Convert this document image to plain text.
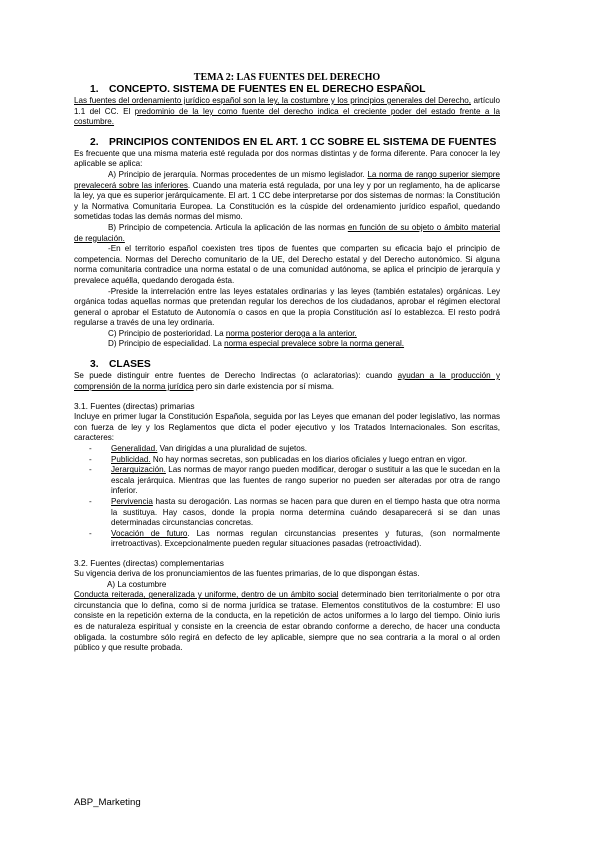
TEMA 2: LAS FUENTES DEL DERECHO

1. CONCEPTO. SISTEMA DE FUENTES EN EL DERECHO ESPAÑOL

Las fuentes del ordenamiento jurídico español son la ley, la costumbre y los principios generales del Derecho, artículo 1.1 del CC. El predominio de la ley como fuente del derecho indica el creciente poder del estado frente a la costumbre.

2. PRINCIPIOS CONTENIDOS EN EL ART. 1 CC SOBRE EL SISTEMA DE FUENTES

Es frecuente que una misma materia esté regulada por dos normas distintas y de forma diferente. Para conocer la ley aplicable se aplica:

A) Principio de jerarquía. Normas procedentes de un mismo legislador. La norma de rango superior siempre prevalecerá sobre las inferiores. Cuando una materia está regulada, por una ley y por un reglamento, ha de aplicarse la ley, ya que es superior jerárquicamente. El art. 1 CC debe interpretarse por dos sistemas de normas: la Constitución y la Normativa Comunitaria Europea. La Constitución es la cúspide del ordenamiento jurídico español, quedando sometidas todas las demás normas del mismo.

B) Principio de competencia. Articula la aplicación de las normas en función de su objeto o ámbito material de regulación.

-En el territorio español coexisten tres tipos de fuentes que comparten su eficacia bajo el principio de competencia. Normas del Derecho comunitario de la UE, del Derecho estatal y del Derecho autonómico. Si alguna norma comunitaria contradice una norma estatal o de una comunidad autónoma, se aplica el principio de jerarquía y prevalece aquélla, quedando derogada ésta.

-Preside la interrelación entre las leyes estatales ordinarias y las leyes (también estatales) orgánicas. Ley orgánica todas aquellas normas que pretendan regular los derechos de los ciudadanos, aprobar el régimen electoral general o aprobar el Estatuto de Autonomía o casos en que la propia Constitución así lo establezca. El resto podrá regularse a través de una ley ordinaria.

C) Principio de posterioridad. La norma posterior deroga a la anterior.

D) Principio de especialidad. La norma especial prevalece sobre la norma general.

3. CLASES

Se puede distinguir entre fuentes de Derecho Indirectas (o aclaratorias): cuando ayudan a la producción y comprensión de la norma jurídica pero sin darle existencia por sí misma.

3.1. Fuentes (directas) primarias

Incluye en primer lugar la Constitución Española, seguida por las Leyes que emanan del poder legislativo, las normas con fuerza de ley y los Reglamentos que dicta el poder ejecutivo y los Tratados Internacionales. Son escritas, caracteres:

- Generalidad. Van dirigidas a una pluralidad de sujetos.
- Publicidad. No hay normas secretas, son publicadas en los diarios oficiales y luego entran en vigor.
- Jerarquización. Las normas de mayor rango pueden modificar, derogar o sustituir a las que le sucedan en la escala jerárquica. Mientras que las fuentes de rango superior no pueden ser alteradas por otra de rango inferior.
- Pervivencia hasta su derogación. Las normas se hacen para que duren en el tiempo hasta que otra norma la sustituya. Hay casos, donde la propia norma determina cuándo desaparecerá si se dan unas determinadas circunstancias concretas.
- Vocación de futuro. Las normas regulan circunstancias presentes y futuras, (son normalmente irretroactivas). Excepcionalmente pueden regular situaciones pasadas (retroactividad).

3.2. Fuentes (directas) complementarias

Su vigencia deriva de los pronunciamientos de las fuentes primarias, de lo que dispongan éstas.

A) La costumbre

Conducta reiterada, generalizada y uniforme, dentro de un ámbito social determinado bien territorialmente o por otra circunstancia que lo defina, como si de norma jurídica se tratase. Elementos constitutivos de la costumbre: El uso consiste en la repetición externa de la conducta, en la repetición de actos uniformes a lo largo del tiempo. Oinio iuris es de naturaleza espiritual y consiste en la creencia de estar obrando conforme a derecho, de hacer una conducta obligada. la costumbre sólo regirá en defecto de ley aplicable, siempre que no sea contraria a la moral o al orden público y que resulte probada.

ABP_Marketing
